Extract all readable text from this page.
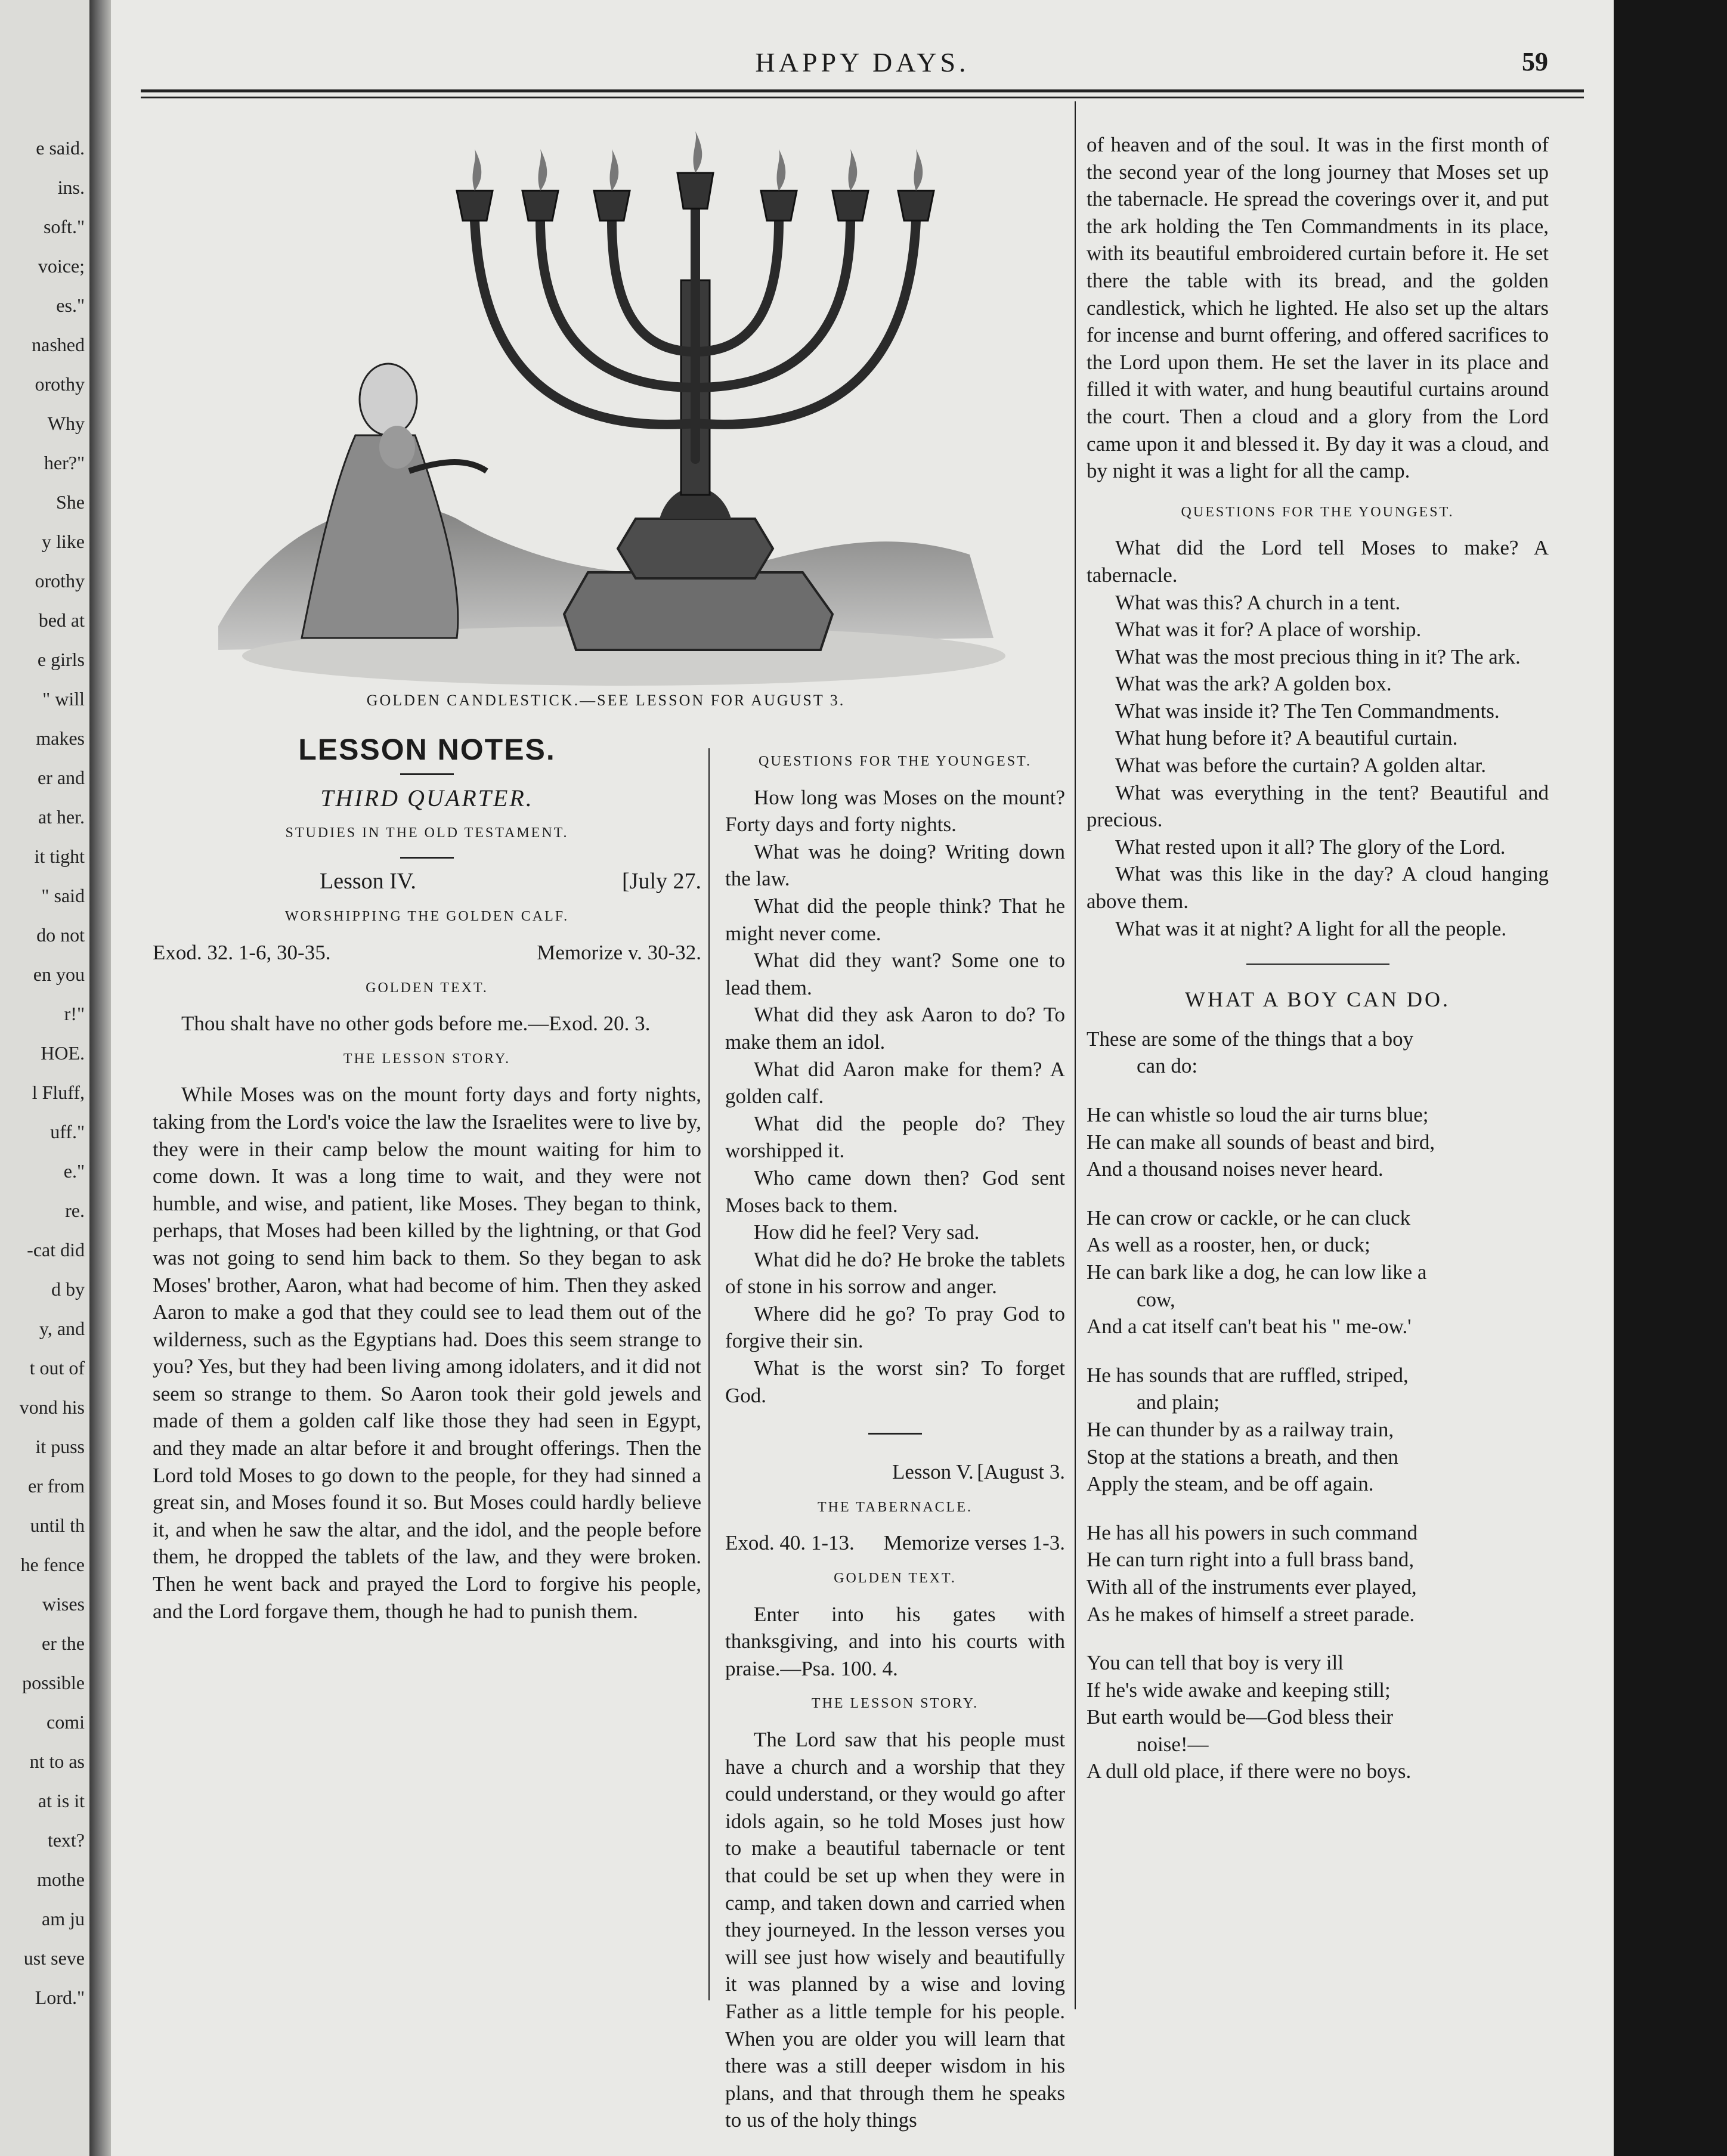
e said.
ins.
soft."
voice;
es."
nashed
orothy
Why
her?"
She
y like
orothy
bed at
e girls
" will
makes
er and
at her.
it tight
" said
do not
en you
r!"
HOE.
l Fluff,
uff."
e."
re.
-cat did
d by
y, and
t out of
vond his
it puss
er from
until th
he fence
wises
er the
possible
comi
nt to as
at is it
text?
mothe
am ju
ust seve
Lord."
HAPPY DAYS.	59
GOLDEN CANDLESTICK.—SEE LESSON FOR AUGUST 3.
LESSON NOTES.
THIRD QUARTER.
STUDIES IN THE OLD TESTAMENT.
Lesson IV.	[July 27.
WORSHIPPING THE GOLDEN CALF.
Exod. 32. 1-6, 30-35.	Memorize v. 30-32.
GOLDEN TEXT.

Thou shalt have no other gods before me.—Exod. 20. 3.

THE LESSON STORY.

While Moses was on the mount forty days and forty nights, taking from the Lord's voice the law the Israelites were to live by, they were in their camp below the mount waiting for him to come down. It was a long time to wait, and they were not humble, and wise, and patient, like Moses. They began to think, perhaps, that Moses had been killed by the lightning, or that God was not going to send him back to them. So they began to ask Moses' brother, Aaron, what had become of him. Then they asked Aaron to make a god that they could see to lead them out of the wilderness, such as the Egyptians had. Does this seem strange to you? Yes, but they had been living among idolaters, and it did not seem so strange to them. So Aaron took their gold jewels and made of them a golden calf like those they had seen in Egypt, and they made an altar before it and brought offerings. Then the Lord told Moses to go down to the people, for they had sinned a great sin, and Moses found it so. But Moses could hardly believe it, and when he saw the altar, and the idol, and the people before them, he dropped the tablets of the law, and they were broken. Then he went back and prayed the Lord to forgive his people, and the Lord forgave them, though he had to punish them.

QUESTIONS FOR THE YOUNGEST.

How long was Moses on the mount? Forty days and forty nights.

What was he doing? Writing down the law.

What did the people think? That he might never come.

What did they want? Some one to lead them.

What did they ask Aaron to do? To make them an idol.

What did Aaron make for them? A golden calf.

What did the people do? They worshipped it.

Who came down then? God sent Moses back to them.

How did he feel? Very sad.

What did he do? He broke the tablets of stone in his sorrow and anger.

Where did he go? To pray God to forgive their sin.

What is the worst sin? To forget God.

Lesson V. [August 3.
THE TABERNACLE.
Exod. 40. 1-13. Memorize verses 1-3.
GOLDEN TEXT.

Enter into his gates with thanksgiving, and into his courts with praise.—Psa. 100. 4.

THE LESSON STORY.

The Lord saw that his people must have a church and a worship that they could understand, or they would go after idols again, so he told Moses just how to make a beautiful tabernacle or tent that could be set up when they were in camp, and taken down and carried when they journeyed. In the lesson verses you will see just how wisely and beautifully it was planned by a wise and loving Father as a little temple for his people. When you are older you will learn that there was a still deeper wisdom in his plans, and that through them he speaks to us of the holy things

of heaven and of the soul. It was in the first month of the second year of the long journey that Moses set up the tabernacle. He spread the coverings over it, and put the ark holding the Ten Commandments in its place, with its beautiful embroidered curtain before it. He set there the table with its bread, and the golden candlestick, which he lighted. He also set up the altars for incense and burnt offering, and offered sacrifices to the Lord upon them. He set the laver in its place and filled it with water, and hung beautiful curtains around the court. Then a cloud and a glory from the Lord came upon it and blessed it. By day it was a cloud, and by night it was a light for all the camp.

QUESTIONS FOR THE YOUNGEST.

What did the Lord tell Moses to make? A tabernacle.

What was this? A church in a tent.

What was it for? A place of worship.

What was the most precious thing in it? The ark.

What was the ark? A golden box.

What was inside it? The Ten Commandments.

What hung before it? A beautiful curtain.

What was before the curtain? A golden altar.

What was everything in the tent? Beautiful and precious.

What rested upon it all? The glory of the Lord.

What was this like in the day? A cloud hanging above them.

What was it at night? A light for all the people.

WHAT A BOY CAN DO.

These are some of the things that a boy

can do:

He can whistle so loud the air turns blue;

He can make all sounds of beast and bird,

And a thousand noises never heard.

He can crow or cackle, or he can cluck

As well as a rooster, hen, or duck;

He can bark like a dog, he can low like a

cow,

And a cat itself can't beat his " me-ow.'

He has sounds that are ruffled, striped,

and plain;

He can thunder by as a railway train,

Stop at the stations a breath, and then

Apply the steam, and be off again.

He has all his powers in such command

He can turn right into a full brass band,

With all of the instruments ever played,

As he makes of himself a street parade.

You can tell that boy is very ill

If he's wide awake and keeping still;

But earth would be—God bless their

noise!—

A dull old place, if there were no boys.
